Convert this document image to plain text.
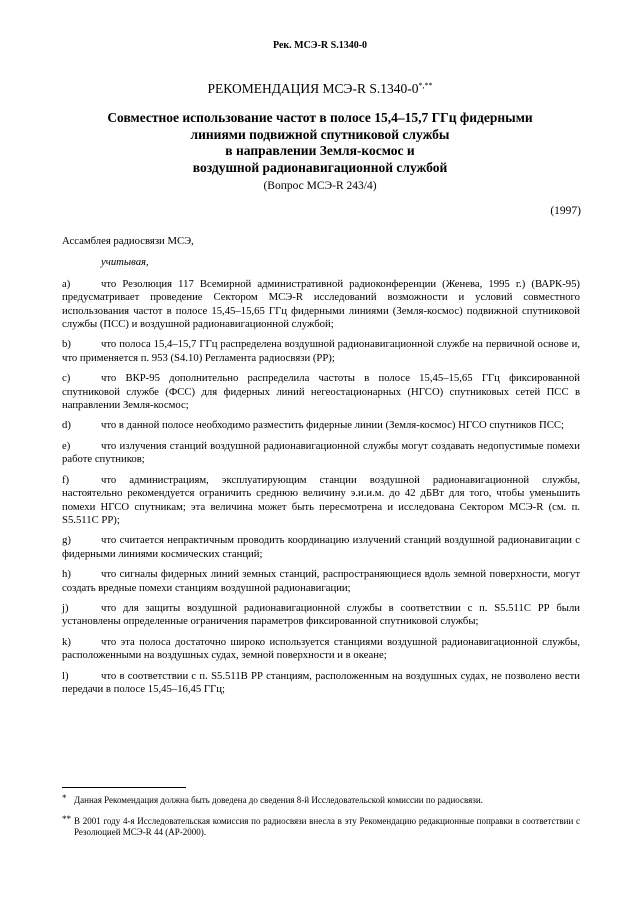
Рек. МСЭ-R S.1340-0
РЕКОМЕНДАЦИЯ МСЭ-R S.1340-0*,**
Совместное использование частот в полосе 15,4–15,7 ГГц фидерными
линиями подвижной спутниковой службы
в направлении Земля-космос и
воздушной радионавигационной службой
(Вопрос МСЭ-R 243/4)
(1997)
Ассамблея радиосвязи МСЭ,
учитывая,
a)	что Резолюция 117 Всемирной административной радиоконференции (Женева, 1995 г.) (ВАРК-95) предусматривает проведение Сектором МСЭ-R исследований возможности и условий совместного использования частот в полосе 15,45–15,65 ГГц фидерными линиями (Земля-космос) подвижной спутниковой службы (ПСС) и воздушной радионавигационной службой;
b)	что полоса 15,4–15,7 ГГц распределена воздушной радионавигационной службе на первичной основе и, что применяется п. 953 (S4.10) Регламента радиосвязи (РР);
c)	что ВКР-95 дополнительно распределила частоты в полосе 15,45–15,65 ГГц фиксированной спутниковой службе (ФСС) для фидерных линий негеостационарных (НГСО) спутниковых сетей ПСС в направлении Земля-космос;
d)	что в данной полосе необходимо разместить фидерные линии (Земля-космос) НГСО спутников ПСС;
e)	что излучения станций воздушной радионавигационной службы могут создавать недопустимые помехи работе спутников;
f)	что администрациям, эксплуатирующим станции воздушной радионавигационной службы, настоятельно рекомендуется ограничить среднюю величину э.и.и.м. до 42 дБВт для того, чтобы уменьшить помехи НГСО спутникам; эта величина может быть пересмотрена и исследована Сектором МСЭ-R (см. п. S5.511C РР);
g)	что считается непрактичным проводить координацию излучений станций воздушной радионавигации с фидерными линиями космических станций;
h)	что сигналы фидерных линий земных станций, распространяющиеся вдоль земной поверхности, могут создать вредные помехи станциям воздушной радионавигации;
j)	что для защиты воздушной радионавигационной службы в соответствии с п. S5.511C РР были установлены определенные ограничения параметров фиксированной спутниковой службы;
k)	что эта полоса достаточно широко используется станциями воздушной радионавигационной службы, расположенными на воздушных судах, земной поверхности и в океане;
l)	что в соответствии с п. S5.511B РР станциям, расположенным на воздушных судах, не позволено вести передачи в полосе 15,45–16,45 ГГц;
* Данная Рекомендация должна быть доведена до сведения 8-й Исследовательской комиссии по радиосвязи.
** В 2001 году 4-я Исследовательская комиссия по радиосвязи внесла в эту Рекомендацию редакционные поправки в соответствии с Резолюцией МСЭ-R 44 (АР-2000).
